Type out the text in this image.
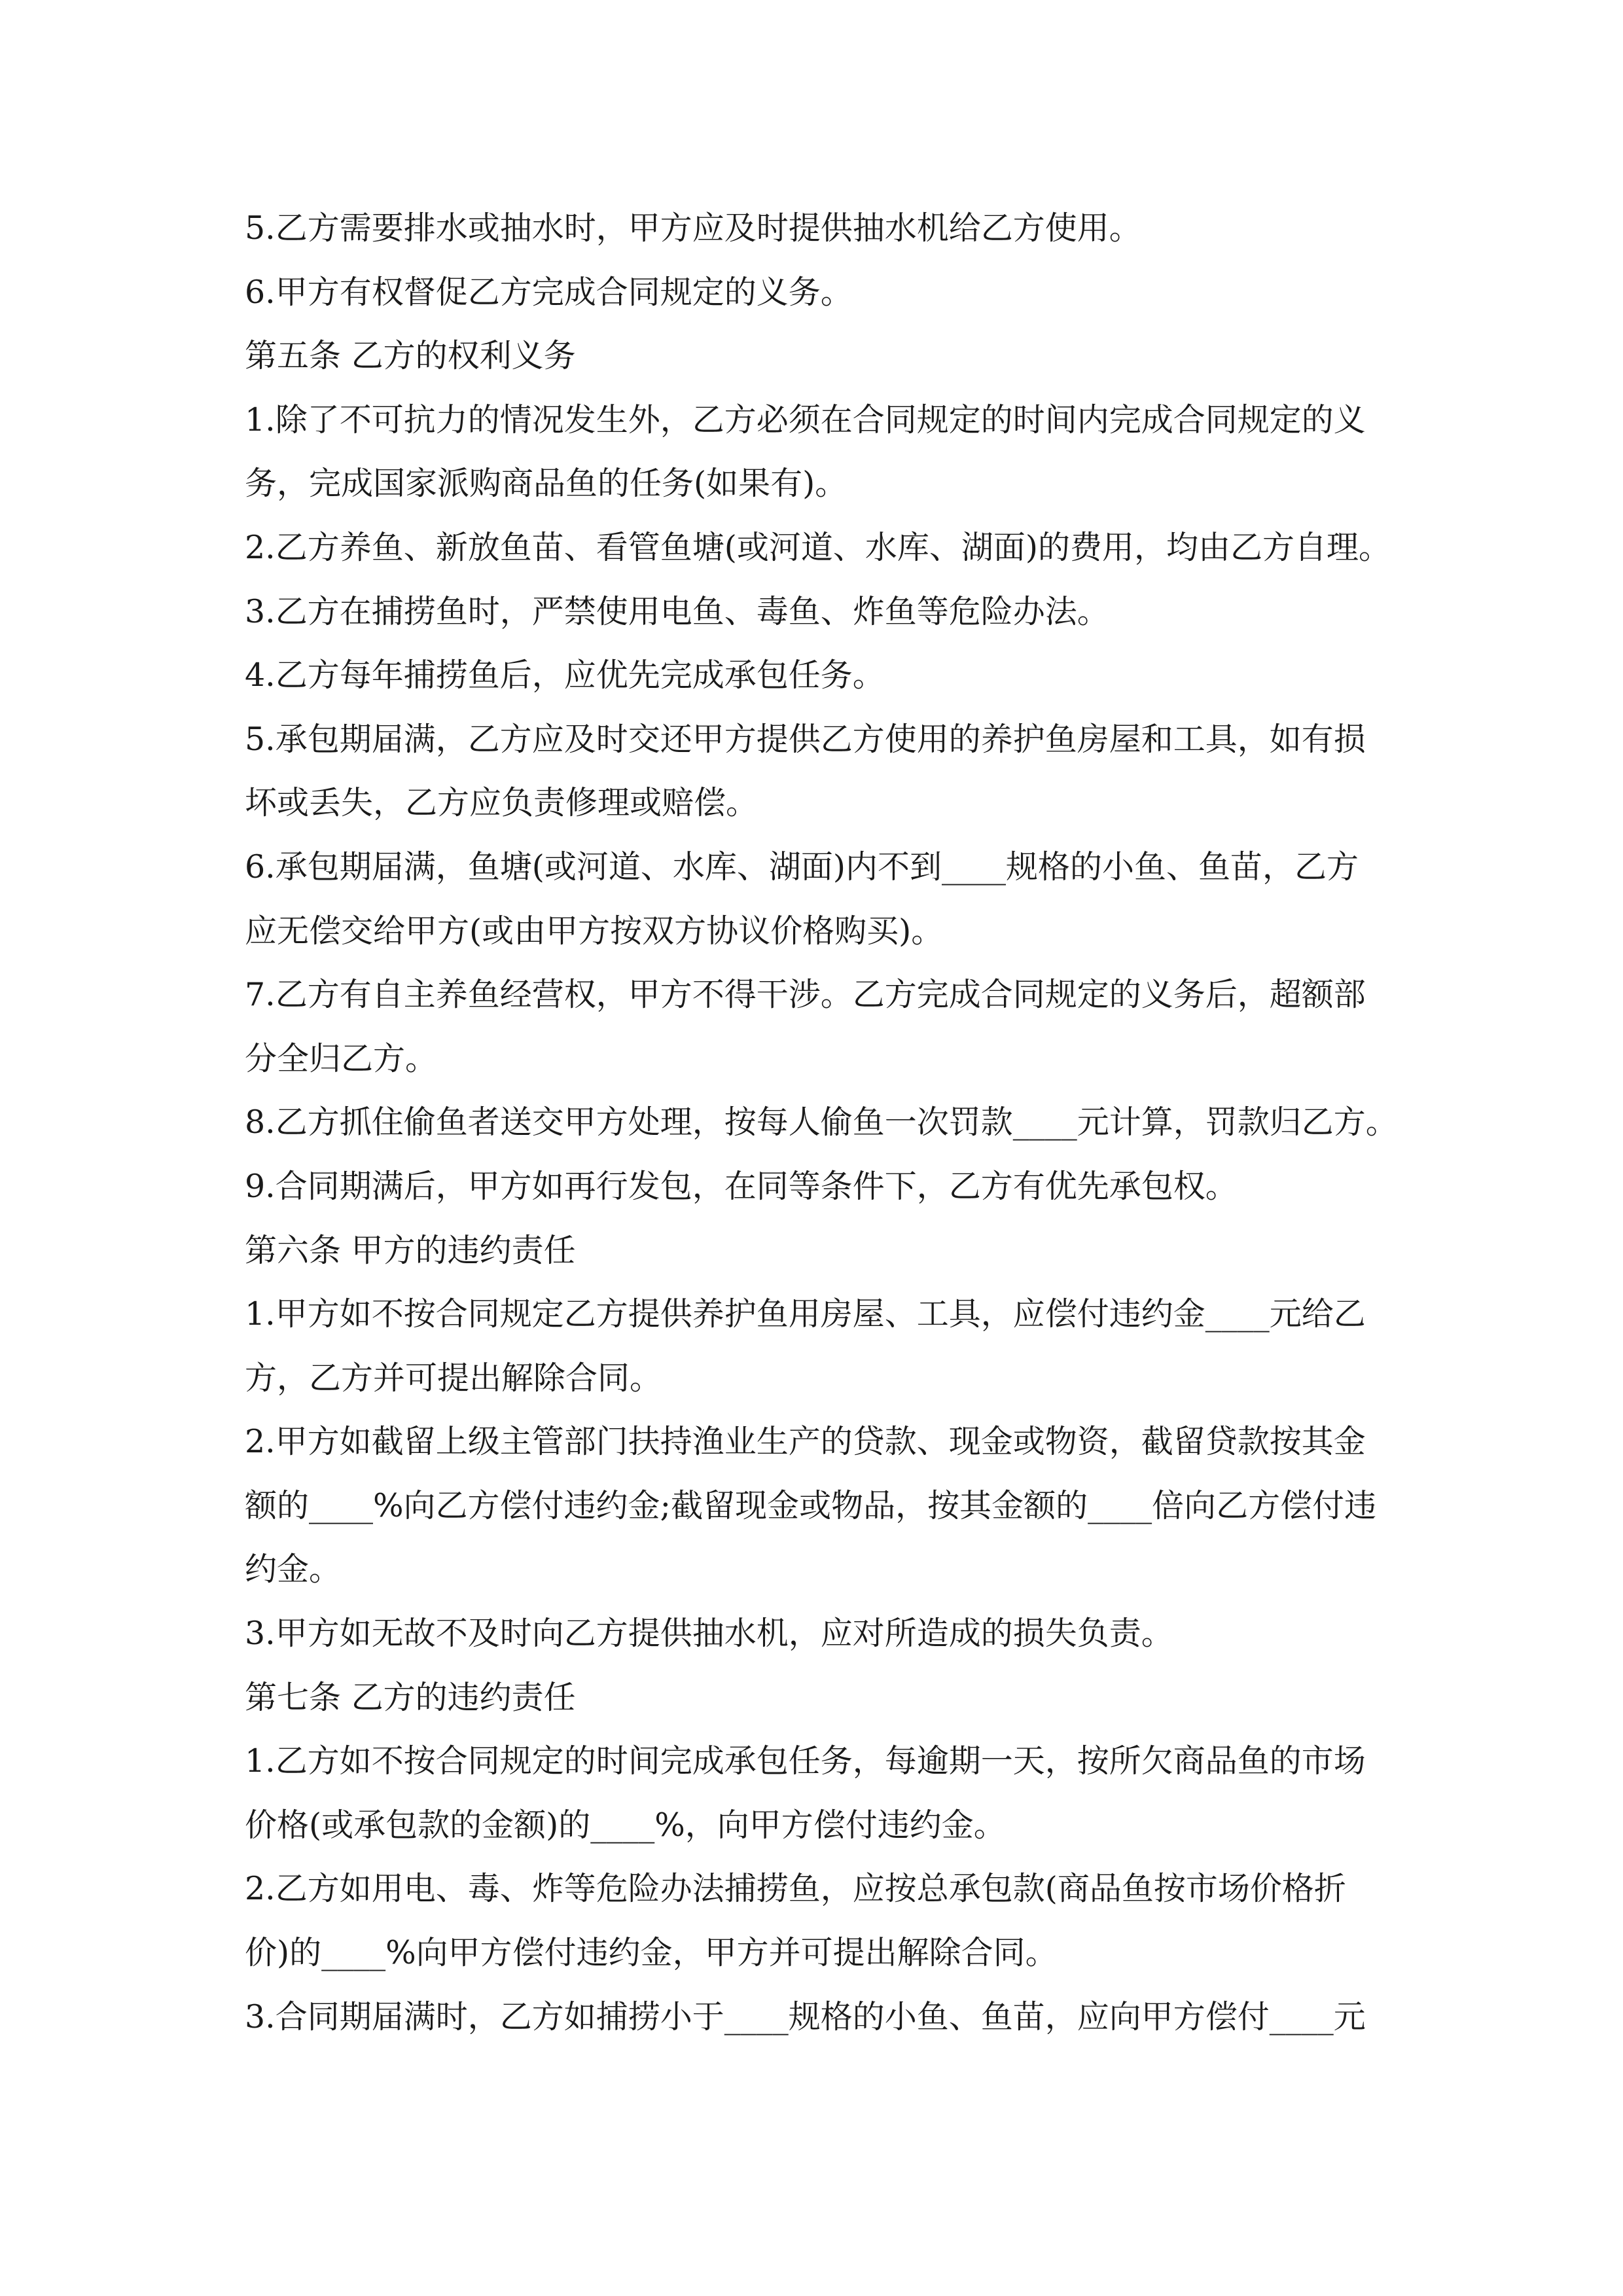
5.乙方需要排水或抽水时，甲方应及时提供抽水机给乙方使用。
6.甲方有权督促乙方完成合同规定的义务。
第五条 乙方的权利义务
1.除了不可抗力的情况发生外，乙方必须在合同规定的时间内完成合同规定的义
务，完成国家派购商品鱼的任务(如果有)。
2.乙方养鱼、新放鱼苗、看管鱼塘(或河道、水库、湖面)的费用，均由乙方自理。
3.乙方在捕捞鱼时，严禁使用电鱼、毒鱼、炸鱼等危险办法。
4.乙方每年捕捞鱼后，应优先完成承包任务。
5.承包期届满，乙方应及时交还甲方提供乙方使用的养护鱼房屋和工具，如有损
坏或丢失，乙方应负责修理或赔偿。
6.承包期届满，鱼塘(或河道、水库、湖面)内不到____规格的小鱼、鱼苗，乙方
应无偿交给甲方(或由甲方按双方协议价格购买)。
7.乙方有自主养鱼经营权，甲方不得干涉。乙方完成合同规定的义务后，超额部
分全归乙方。
8.乙方抓住偷鱼者送交甲方处理，按每人偷鱼一次罚款____元计算，罚款归乙方。
9.合同期满后，甲方如再行发包，在同等条件下，乙方有优先承包权。
第六条 甲方的违约责任
1.甲方如不按合同规定乙方提供养护鱼用房屋、工具，应偿付违约金____元给乙
方，乙方并可提出解除合同。
2.甲方如截留上级主管部门扶持渔业生产的贷款、现金或物资，截留贷款按其金
额的____%向乙方偿付违约金;截留现金或物品，按其金额的____倍向乙方偿付违
约金。
3.甲方如无故不及时向乙方提供抽水机，应对所造成的损失负责。
第七条 乙方的违约责任
1.乙方如不按合同规定的时间完成承包任务，每逾期一天，按所欠商品鱼的市场
价格(或承包款的金额)的____%，向甲方偿付违约金。
2.乙方如用电、毒、炸等危险办法捕捞鱼，应按总承包款(商品鱼按市场价格折
价)的____%向甲方偿付违约金，甲方并可提出解除合同。
3.合同期届满时，乙方如捕捞小于____规格的小鱼、鱼苗，应向甲方偿付____元
